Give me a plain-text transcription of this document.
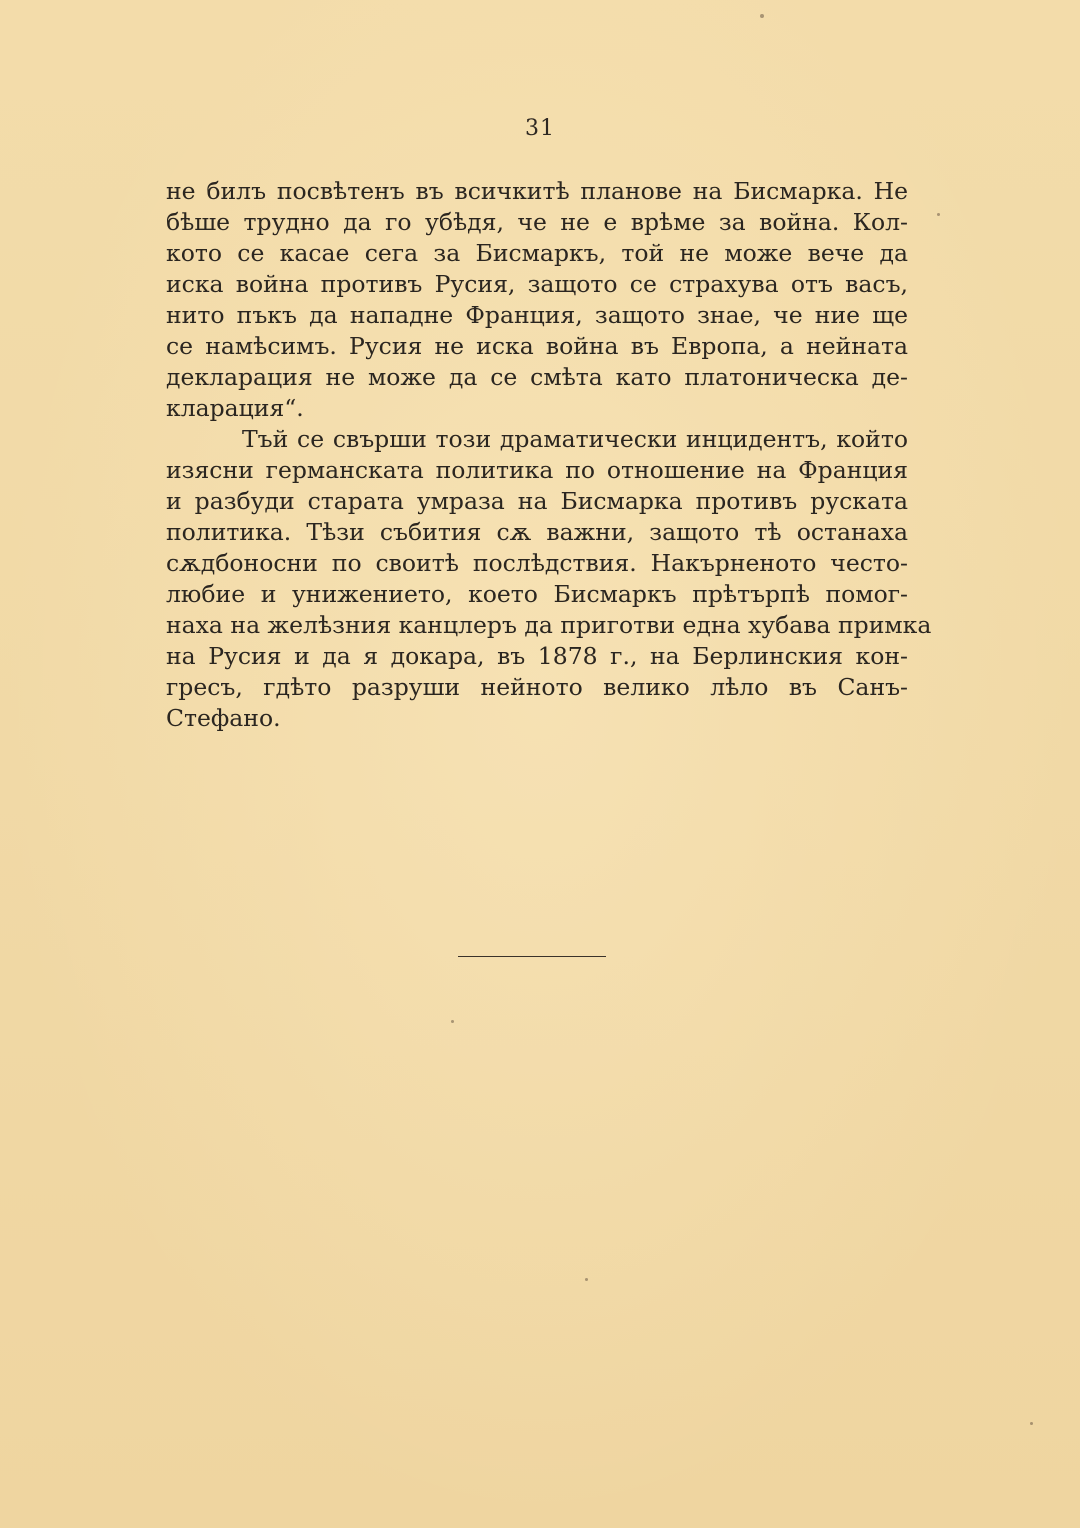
31
не билъ посвѣтенъ въ всичкитѣ планове на Бисмарка. Не
бѣше трудно да го убѣдя, че не е врѣме за война. Кол-
кото се касае сега за Бисмаркъ, той не може вече да
иска война противъ Русия, защото се страхува отъ васъ,
нито пъкъ да нападне Франция, защото знае, че ние ще
се намѣсимъ. Русия не иска война въ Европа, а нейната
декларация не може да се смѣта като платоническа де-
кларация“.
Тъй се свърши този драматически инцидентъ, който
изясни германската политика по отношение на Франция
и разбуди старата умраза на Бисмарка противъ руската
политика. Тѣзи събития сѫ важни, защото тѣ останаха
сѫдбоносни по своитѣ послѣдствия. Накърненото често-
любие и унижението, което Бисмаркъ прѣтърпѣ помог-
наха на желѣзния канцлеръ да приготви една хубава примка
на Русия и да я докара, въ 1878 г., на Берлинския кон-
гресъ, гдѣто разруши нейното велико лѣло въ Санъ-
Стефано.
